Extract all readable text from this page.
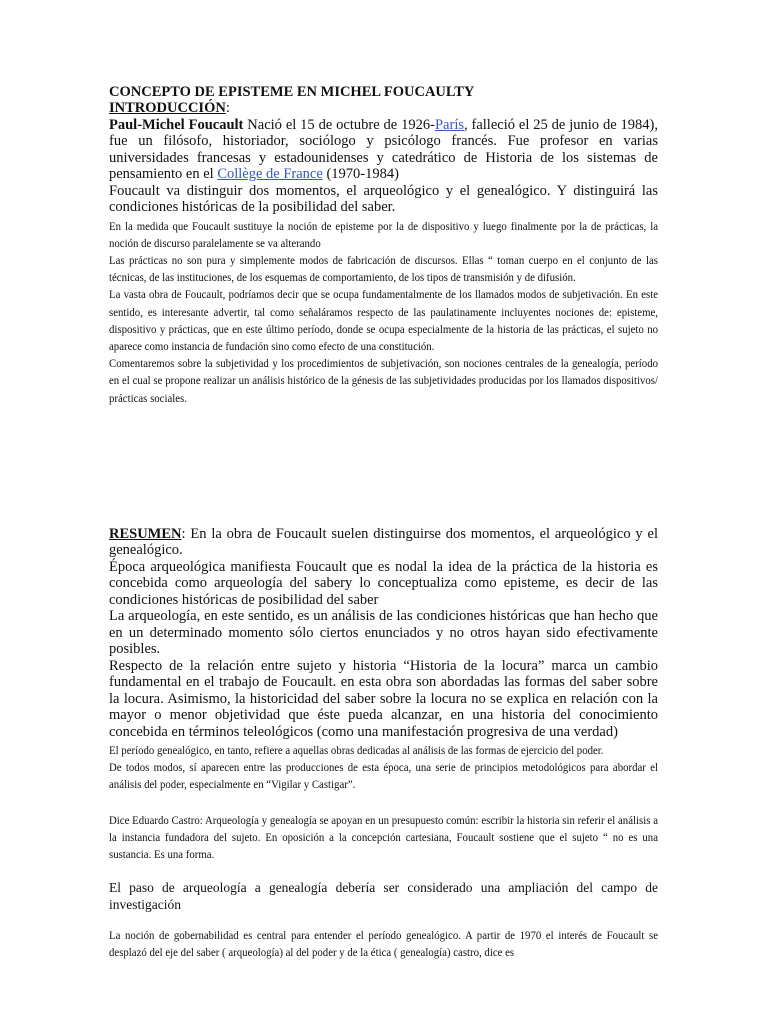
CONCEPTO DE EPISTEME EN MICHEL FOUCAULTY

INTRODUCCIÓN:

Paul-Michel Foucault Nació el 15 de octubre de 1926-París, falleció el 25 de junio de 1984), fue un filósofo, historiador, sociólogo y psicólogo francés. Fue profesor en varias universidades francesas y estadounidenses y catedrático de Historia de los sistemas de pensamiento en el Collège de France (1970-1984)

Foucault va distinguir dos momentos, el arqueológico y el genealógico. Y distinguirá las condiciones históricas de la posibilidad del saber.

En la medida que Foucault sustituye la noción de episteme por la de dispositivo y luego finalmente por la de prácticas, la noción de discurso paralelamente se va alterando

Las prácticas no son pura y simplemente modos de fabricación de discursos. Ellas “ toman cuerpo en el conjunto de las técnicas, de las instituciones, de los esquemas de comportamiento, de los tipos de transmisión y de difusión.

La vasta obra de Foucault, podríamos decir que se ocupa fundamentalmente de los llamados modos de subjetivación. En este sentido, es interesante advertir, tal como señaláramos respecto de las paulatinamente incluyentes nociones de: episteme, dispositivo y prácticas, que en este último período, donde se ocupa especialmente de la historia de las prácticas, el sujeto no aparece como instancia de fundación sino como efecto de una constitución.

Comentaremos sobre la subjetividad y los procedimientos de subjetivación, son nociones centrales de la genealogía, período en el cual se propone realizar un análisis histórico de la génesis de las subjetividades producidas por los llamados dispositivos/ prácticas sociales.

RESUMEN: En la obra de Foucault suelen distinguirse dos momentos, el arqueológico y el genealógico.

Época arqueológica manifiesta Foucault que es nodal la idea de la práctica de la historia es concebida como arqueología del sabery lo conceptualiza como episteme, es decir de las condiciones históricas de posibilidad del saber

La arqueología, en este sentido, es un análisis de las condiciones históricas que han hecho que en un determinado momento sólo ciertos enunciados y no otros hayan sido efectivamente posibles.

Respecto de la relación entre sujeto y historia “Historia de la locura” marca un cambio fundamental en el trabajo de Foucault. en esta obra son abordadas las formas del saber sobre la locura. Asimismo, la historicidad del saber sobre la locura no se explica en relación con la mayor o menor objetividad que éste pueda alcanzar, en una historia del conocimiento concebida en términos teleológicos (como una manifestación progresiva de una verdad)

El período genealógico, en tanto, refiere a aquellas obras dedicadas al análisis de las formas de ejercicio del poder.

De todos modos, sí aparecen entre las producciones de esta época, una serie de principios metodológicos para abordar el análisis del poder, especialmente en “Vigilar y Castigar”.

Dice Eduardo Castro: Arqueología y genealogía se apoyan en un presupuesto común: escribir la historia sin referir el análisis a la instancia fundadora del sujeto. En oposición a la concepción cartesiana, Foucault sostiene que el sujeto “ no es una sustancia. Es una forma.

El paso de arqueología a genealogía debería ser considerado una ampliación del campo de investigación

La noción de gobernabilidad es central para entender el período genealógico. A partir de 1970 el interés de Foucault se desplazó del eje del saber ( arqueología) al del poder y de la ética ( genealogía) castro, dice es
